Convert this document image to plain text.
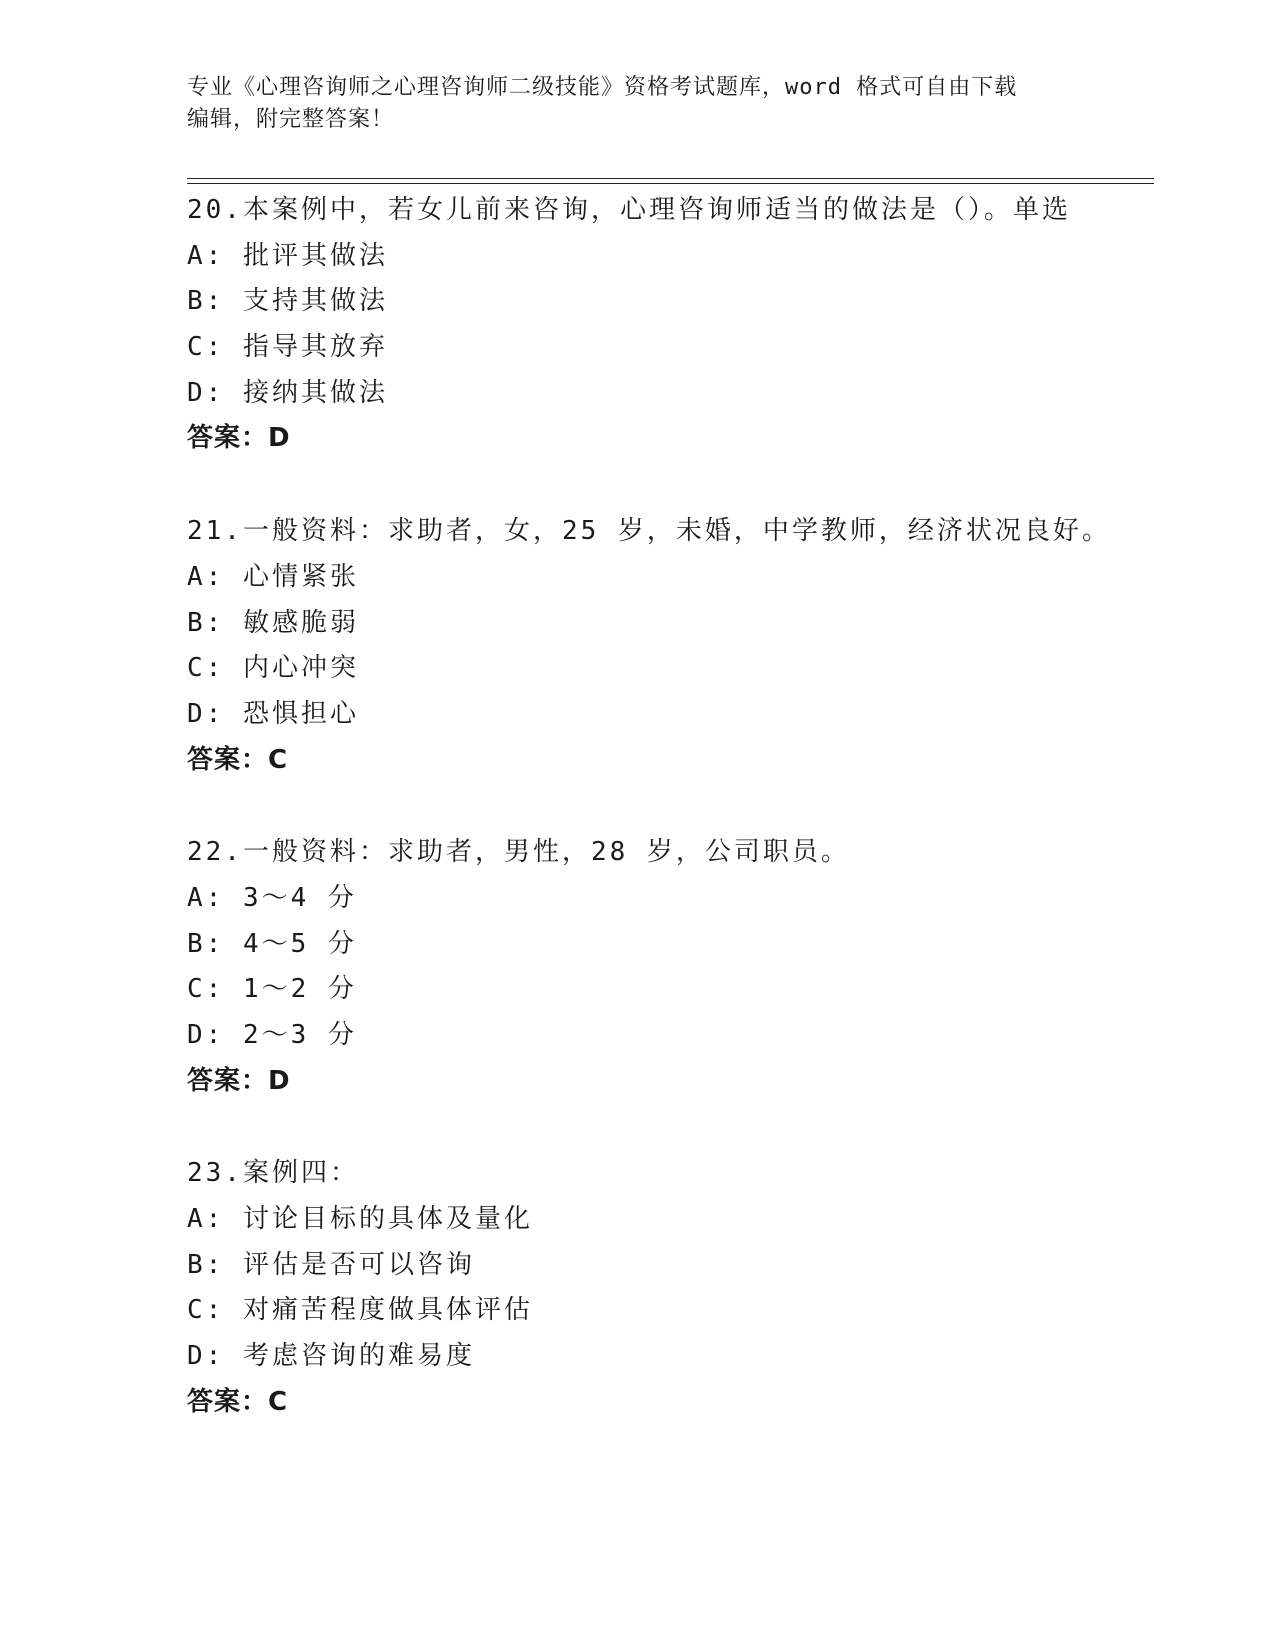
专业《心理咨询师之心理咨询师二级技能》资格考试题库，word 格式可自由下载
编辑，附完整答案！
20.本案例中，若女儿前来咨询，心理咨询师适当的做法是（）。单选
A: 批评其做法
B: 支持其做法
C: 指导其放弃
D: 接纳其做法
答案：D
21.一般资料：求助者，女，25 岁，未婚，中学教师，经济状况良好。
A: 心情紧张
B: 敏感脆弱
C: 内心冲突
D: 恐惧担心
答案：C
22.一般资料：求助者，男性，28 岁，公司职员。
A: 3～4 分
B: 4～5 分
C: 1～2 分
D: 2～3 分
答案：D
23.案例四：
A: 讨论目标的具体及量化
B: 评估是否可以咨询
C: 对痛苦程度做具体评估
D: 考虑咨询的难易度
答案：C
